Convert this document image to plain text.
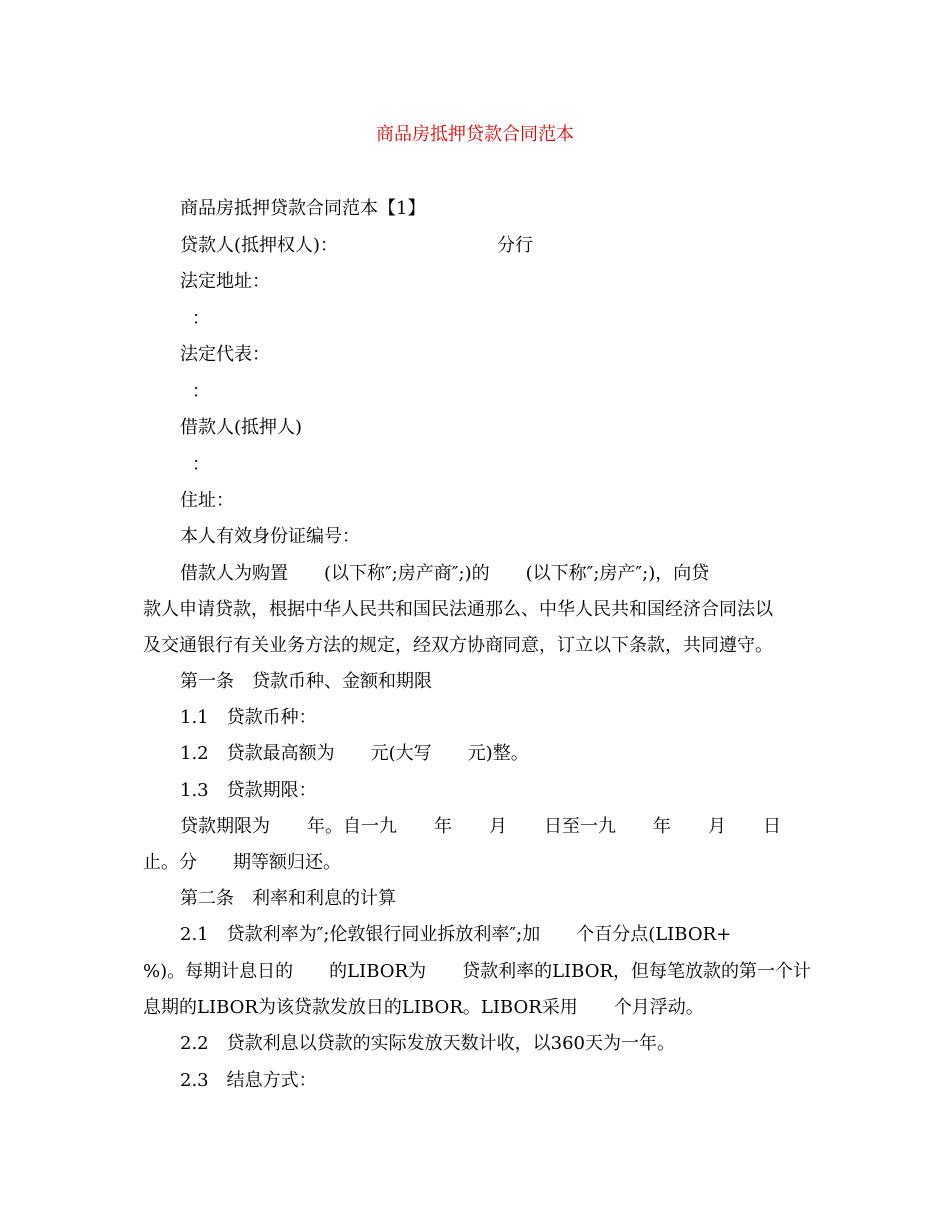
商品房抵押贷款合同范本
商品房抵押贷款合同范本【1】
贷款人(抵押权人)：	分行
法定地址：
：
法定代表：
：
借款人(抵押人)
：
住址：
本人有效身份证编号：
借款人为购置 (以下称″;房产商″;)的 (以下称″;房产″;)，向贷
款人申请贷款，根据中华人民共和国民法通那么、中华人民共和国经济合同法以
及交通银行有关业务方法的规定，经双方协商同意，订立以下条款，共同遵守。
第一条　贷款币种、金额和期限
1.1　贷款币种：
1.2　贷款最高额为 元(大写 元)整。
1.3　贷款期限：
贷款期限为 年。自一九 年 月 日至一九 年 月 日
止。分 期等额归还。
第二条　利率和利息的计算
2.1　贷款利率为″;伦敦银行同业拆放利率″;加 个百分点(LIBOR+
%)。每期计息日的 的LIBOR为 贷款利率的LIBOR，但每笔放款的第一个计
息期的LIBOR为该贷款发放日的LIBOR。LIBOR采用 个月浮动。
2.2　贷款利息以贷款的实际发放天数计收，以360天为一年。
2.3　结息方式：
